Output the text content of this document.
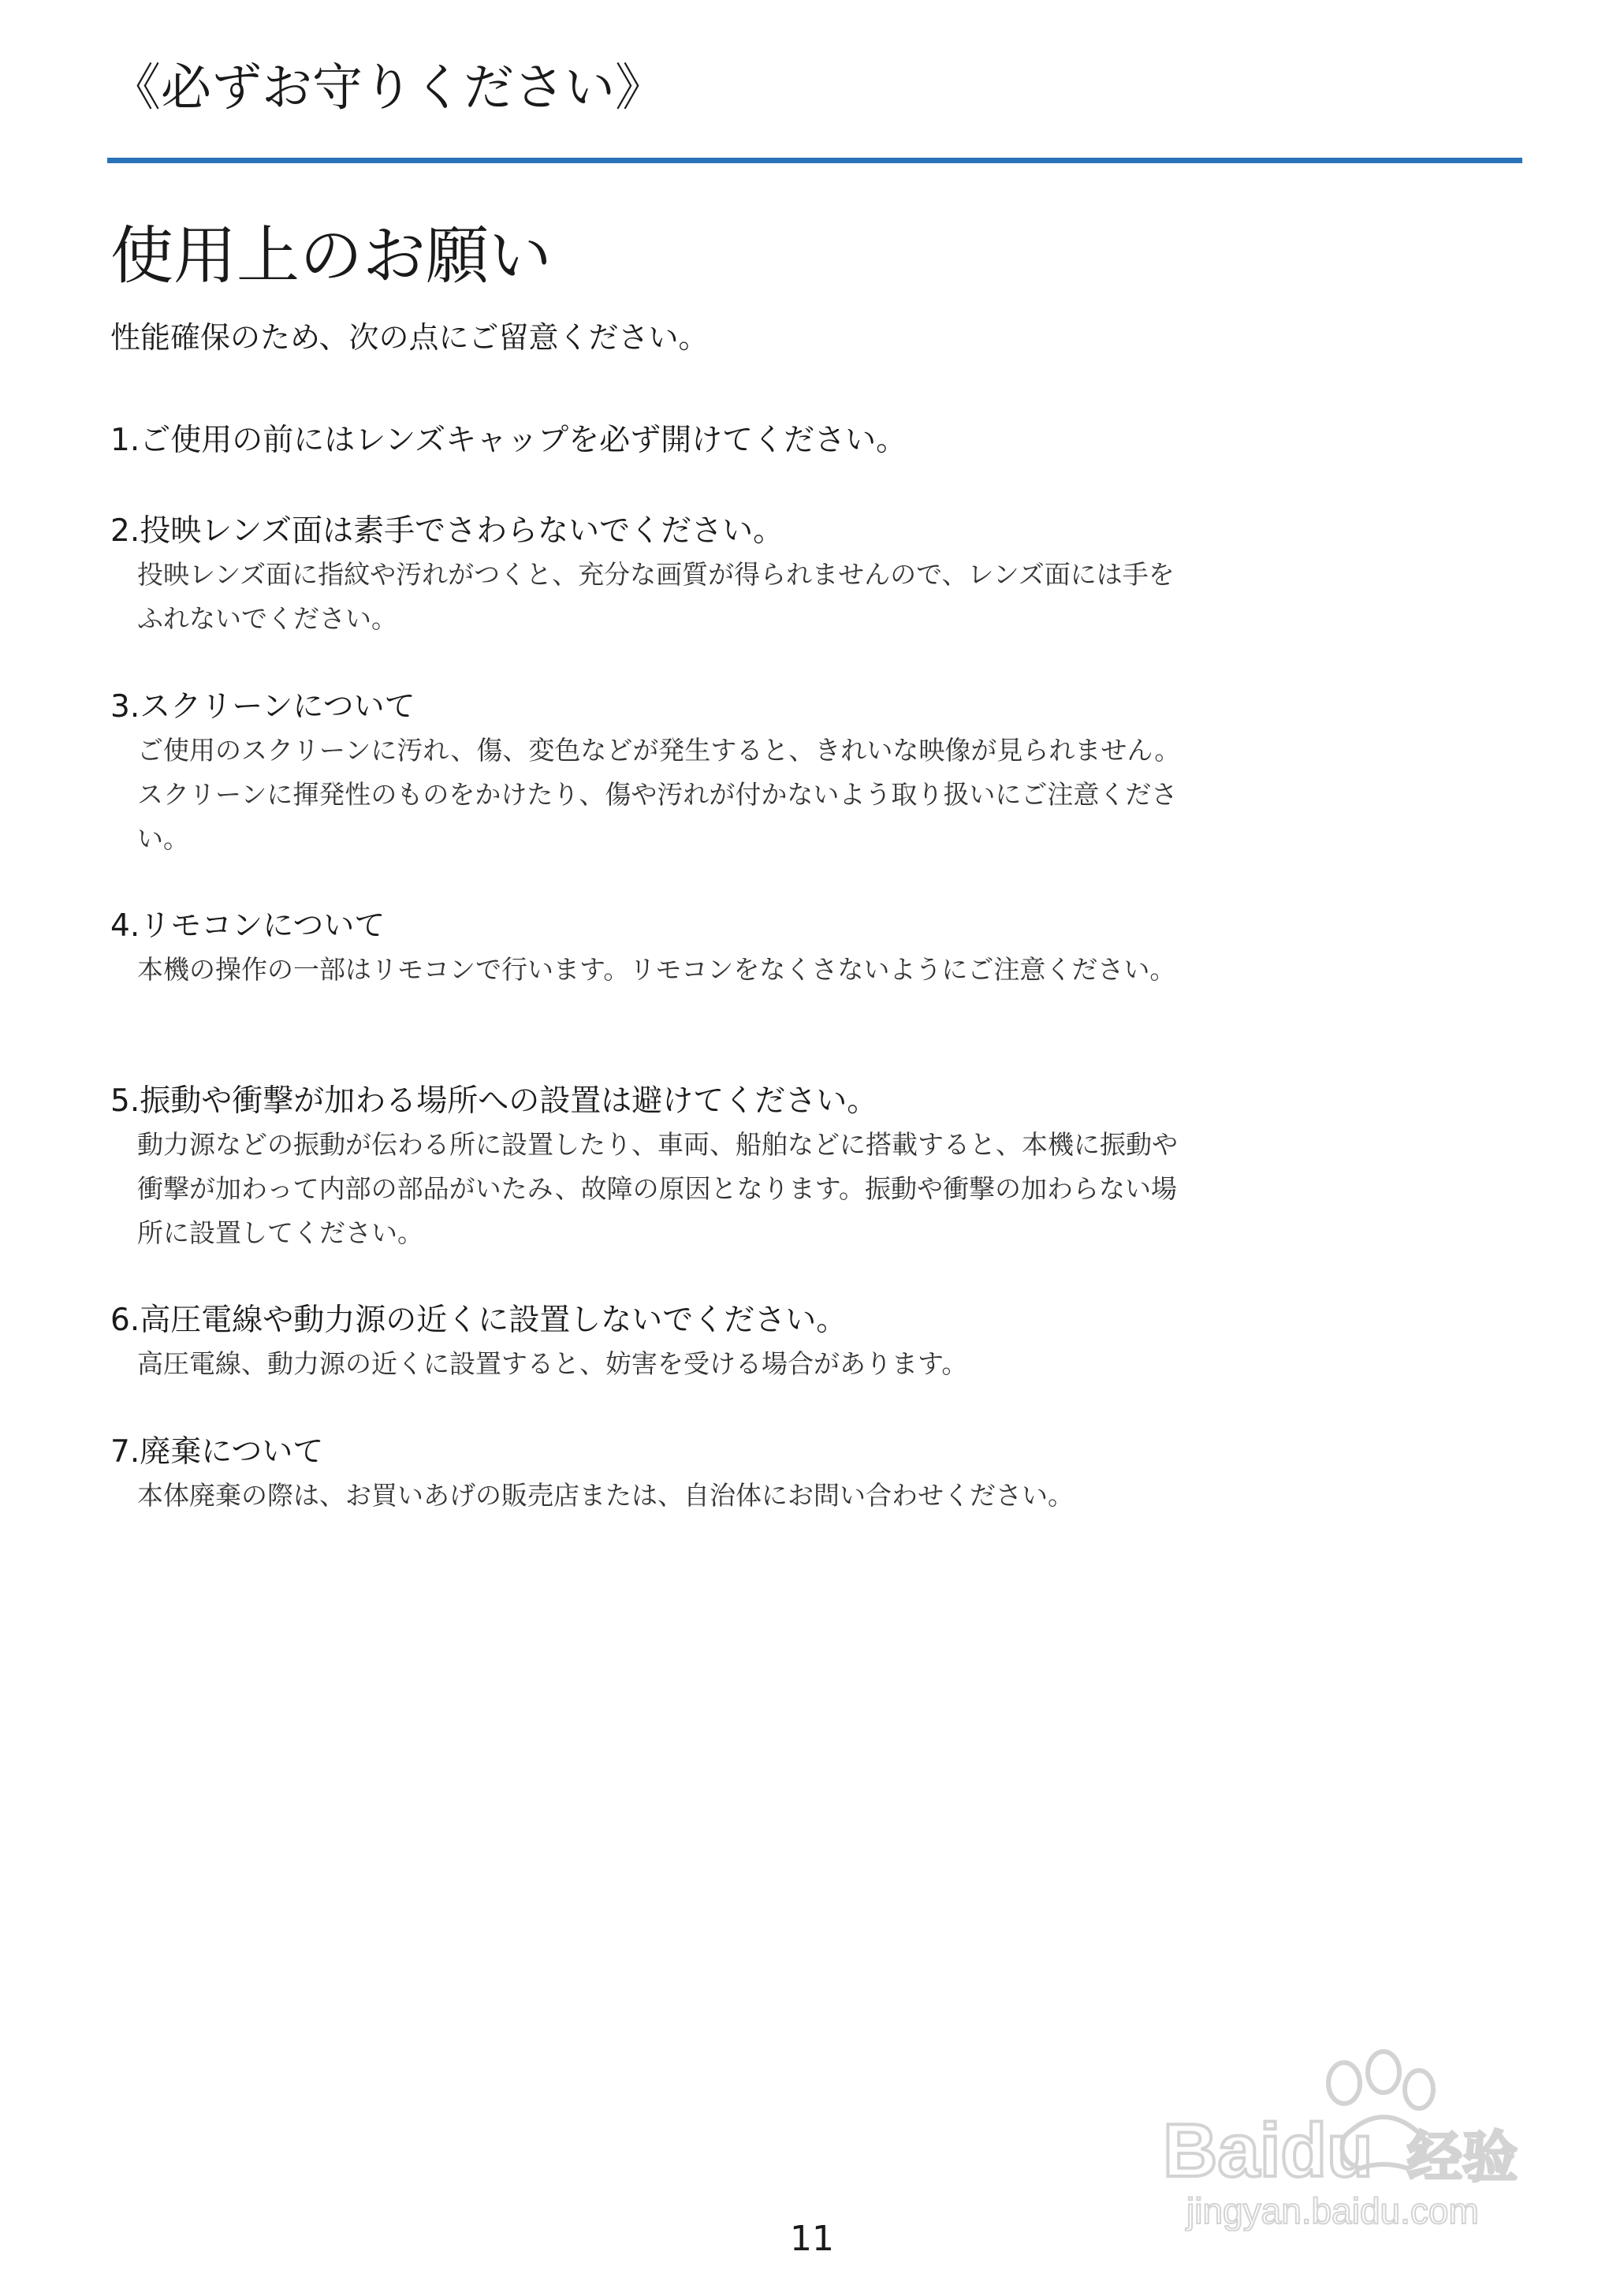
《必ずお守りください》
使用上のお願い
性能確保のため、次の点にご留意ください。
1.ご使用の前にはレンズキャップを必ず開けてください。
2.投映レンズ面は素手でさわらないでください。
投映レンズ面に指紋や汚れがつくと、充分な画質が得られませんので、レンズ面には手をふれないでください。
3.スクリーンについて
ご使用のスクリーンに汚れ、傷、変色などが発生すると、きれいな映像が見られません。スクリーンに揮発性のものをかけたり、傷や汚れが付かないよう取り扱いにご注意ください。
4.リモコンについて
本機の操作の一部はリモコンで行います。リモコンをなくさないようにご注意ください。
5.振動や衝撃が加わる場所への設置は避けてください。
動力源などの振動が伝わる所に設置したり、車両、船舶などに搭載すると、本機に振動や衝撃が加わって内部の部品がいたみ、故障の原因となります。振動や衝撃の加わらない場所に設置してください。
6.高圧電線や動力源の近くに設置しないでください。
高圧電線、動力源の近くに設置すると、妨害を受ける場合があります。
7.廃棄について
本体廃棄の際は、お買いあげの販売店または、自治体にお問い合わせください。
11
Baidu 经验
jingyan.baidu.com
